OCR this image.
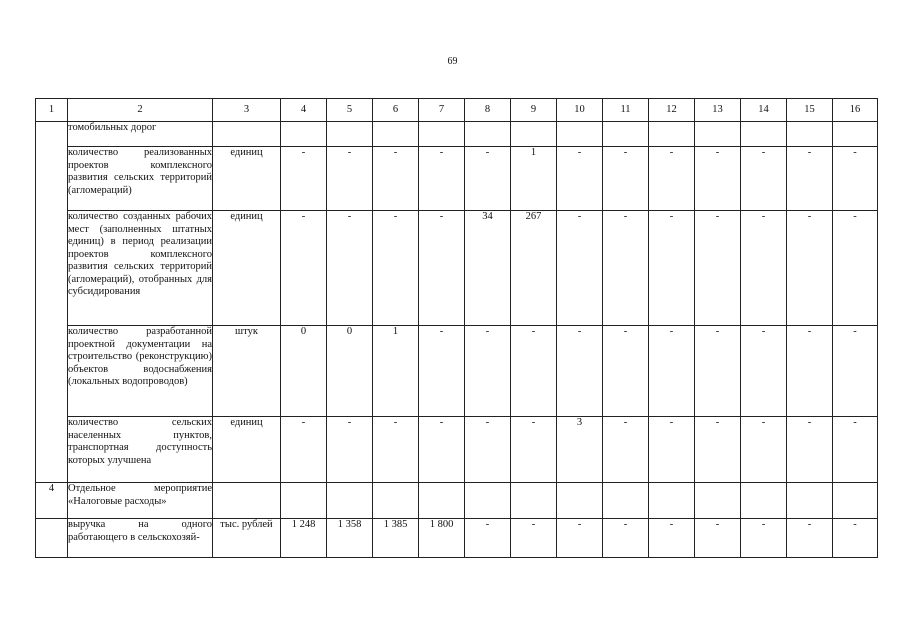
69
1	2	3	4	5	6	7	8	9	10	11	12	13	14	15	16

	томобильных дорог														

	количество реализованных проектов комплексного развития сельских территорий (агломераций)	единиц	-	-	-	-	-	1	-	-	-	-	-	-	-

	количество созданных рабочих мест (заполненных штатных единиц) в период реализации проектов комплексного развития сельских территорий (агломераций), отобранных для субсидирования	единиц	-	-	-	-	34	267	-	-	-	-	-	-	-

	количество разработанной проектной документации на строительство (реконструкцию) объектов водоснабжения (локальных водопроводов)	штук	0	0	1	-	-	-	-	-	-	-	-	-	-

	количество сельских населенных пунктов, транспортная доступность которых улучшена	единиц	-	-	-	-	-	-	3	-	-	-	-	-	-
4	Отдельное мероприятие «Налоговые расходы»														

	выручка на одного работающего в сельскохозяй-	тыс. рублей	1 248	1 358	1 385	1 800	-	-	-	-	-	-	-	-	-
